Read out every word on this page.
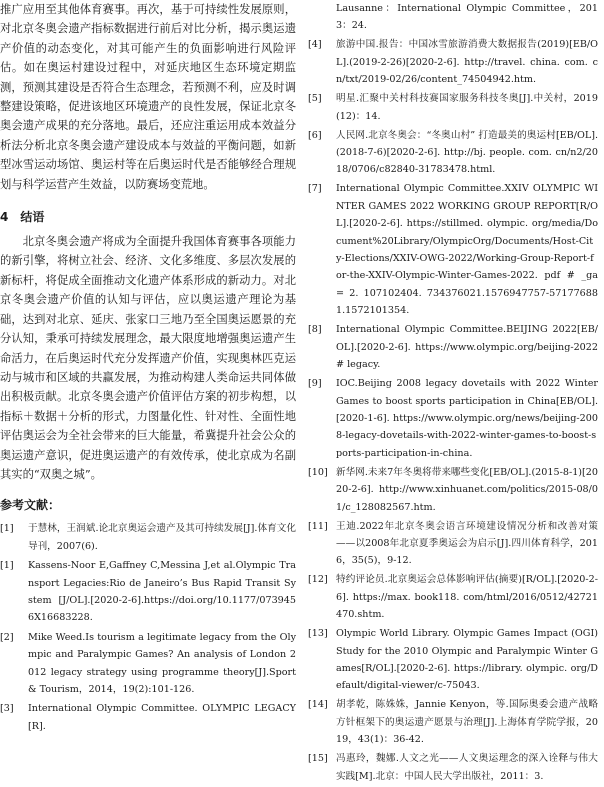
推广应用至其他体育赛事。再次，基于可持续性发展原则，对北京冬奥会遗产指标数据进行前后对比分析，揭示奥运遗产价值的动态变化，对其可能产生的负面影响进行风险评估。如在奥运村建设过程中，对延庆地区生态环境定期监测，预测其建设是否符合生态理念，若预测不利，应及时调整建设策略，促进该地区环境遗产的良性发展，保证北京冬奥会遗产成果的充分落地。最后，还应注重运用成本效益分析法分析北京冬奥会遗产建设成本与效益的平衡问题，如新型冰雪运动场馆、奥运村等在后奥运时代是否能够经合理规划与科学运营产生效益，以防赛场变荒地。

4　结语

北京冬奥会遗产将成为全面提升我国体育赛事各项能力的新引擎，将树立社会、经济、文化多维度、多层次发展的新标杆，将促成全面推动文化遗产体系形成的新动力。对北京冬奥会遗产价值的认知与评估，应以奥运遗产理论为基础，达到对北京、延庆、张家口三地乃至全国奥运愿景的充分认知，秉承可持续发展理念，最大限度地增强奥运遗产生命活力，在后奥运时代充分发挥遗产价值，实现奥林匹克运动与城市和区域的共赢发展，为推动构建人类命运共同体做出积极贡献。北京冬奥会遗产价值评估方案的初步构想，以指标＋数据＋分析的形式，力图量化性、针对性、全面性地评估奥运会为全社会带来的巨大能量，希冀提升社会公众的奥运遗产意识，促进奥运遗产的有效传承，使北京成为名副其实的“双奥之城”。

参考文献：
[1]	于慧林，王润斌.论北京奥运会遗产及其可持续发展[J].体育文化导刊，2007(6).
[1]	Kassens-Noor E,Gaffney C,Messina J,et al.Olympic Transport Legacies:Rio de Janeiro’s Bus Rapid Transit System [J/OL].[2020-2-6].https://doi.org/10.1177/0739456X16683228.
[2]	Mike Weed.Is tourism a legitimate legacy from the Olympic and Paralympic Games? An analysis of London 2012 legacy strategy using programme theory[J].Sport& Tourism，2014，19(2):101-126.
[3]	International Olympic Committee. OLYMPIC LEGACY[R].
Lausanne：International Olympic Committee，2013：24.
[4]	旅游中国.报告：中国冰雪旅游消费大数据报告(2019)[EB/OL].(2019-2-26)[2020-2-6]. http://travel. china. com. cn/txt/2019-02/26/content_74504942.htm.
[5]	明星.汇聚中关村科技赛国家服务科技冬奥[J].中关村，2019(12)：14.
[6]	人民网.北京冬奥会：“冬奥山村” 打造最美的奥运村[EB/OL].(2018-7-6)[2020-2-6]. http://bj. people. com. cn/n2/2018/0706/c82840-31783478.html.
[7]	International Olympic Committee.XXIV OLYMPIC WINTER GAMES 2022 WORKING GROUP REPORT[R/OL].[2020-2-6]. https://stillmed. olympic. org/media/Document%20Library/OlympicOrg/Documents/Host-City-Elections/XXIV-OWG-2022/Working-Group-Report-for-the-XXIV-Olympic-Winter-Games-2022. pdf # _ga = 2. 107102404. 734376021.1576947757-571776881.1572101354.
[8]	International Olympic Committee.BEIJING 2022[EB/OL].[2020-2-6]. https://www.olympic.org/beijing-2022 # legacy.
[9]	IOC.Beijing 2008 legacy dovetails with 2022 Winter Games to boost sports participation in China[EB/OL].[2020-1-6]. https://www.olympic.org/news/beijing-2008-legacy-dovetails-with-2022-winter-games-to-boost-sports-participation-in-china.
[10] 新华网.未来7年冬奥将带来哪些变化[EB/OL].(2015-8-1)[2020-2-6]. http://www.xinhuanet.com/politics/2015-08/01/c_128082567.htm.
[11] 王迪.2022年北京冬奥会语言环境建设情况分析和改善对策——以2008年北京夏季奥运会为启示[J].四川体育科学，2016，35(5)，9-12.
[12] 特约评论员.北京奥运会总体影响评估(摘要)[R/OL].[2020-2-6]. https://max. book118. com/html/2016/0512/42721470.shtm.
[13] Olympic World Library. Olympic Games Impact (OGI) Study for the 2010 Olympic and Paralympic Winter Games[R/OL].[2020-2-6]. https://library. olympic. org/Default/digital-viewer/c-75043.
[14] 胡孝乾，陈姝姝，Jannie Kenyon，等.国际奥委会遗产战略方针框架下的奥运遗产愿景与治理[J].上海体育学院学报，2019，43(1)：36-42.
[15] 冯惠玲，魏娜.人文之光——人文奥运理念的深入诠释与伟大实践[M].北京：中国人民大学出版社，2011：3.
